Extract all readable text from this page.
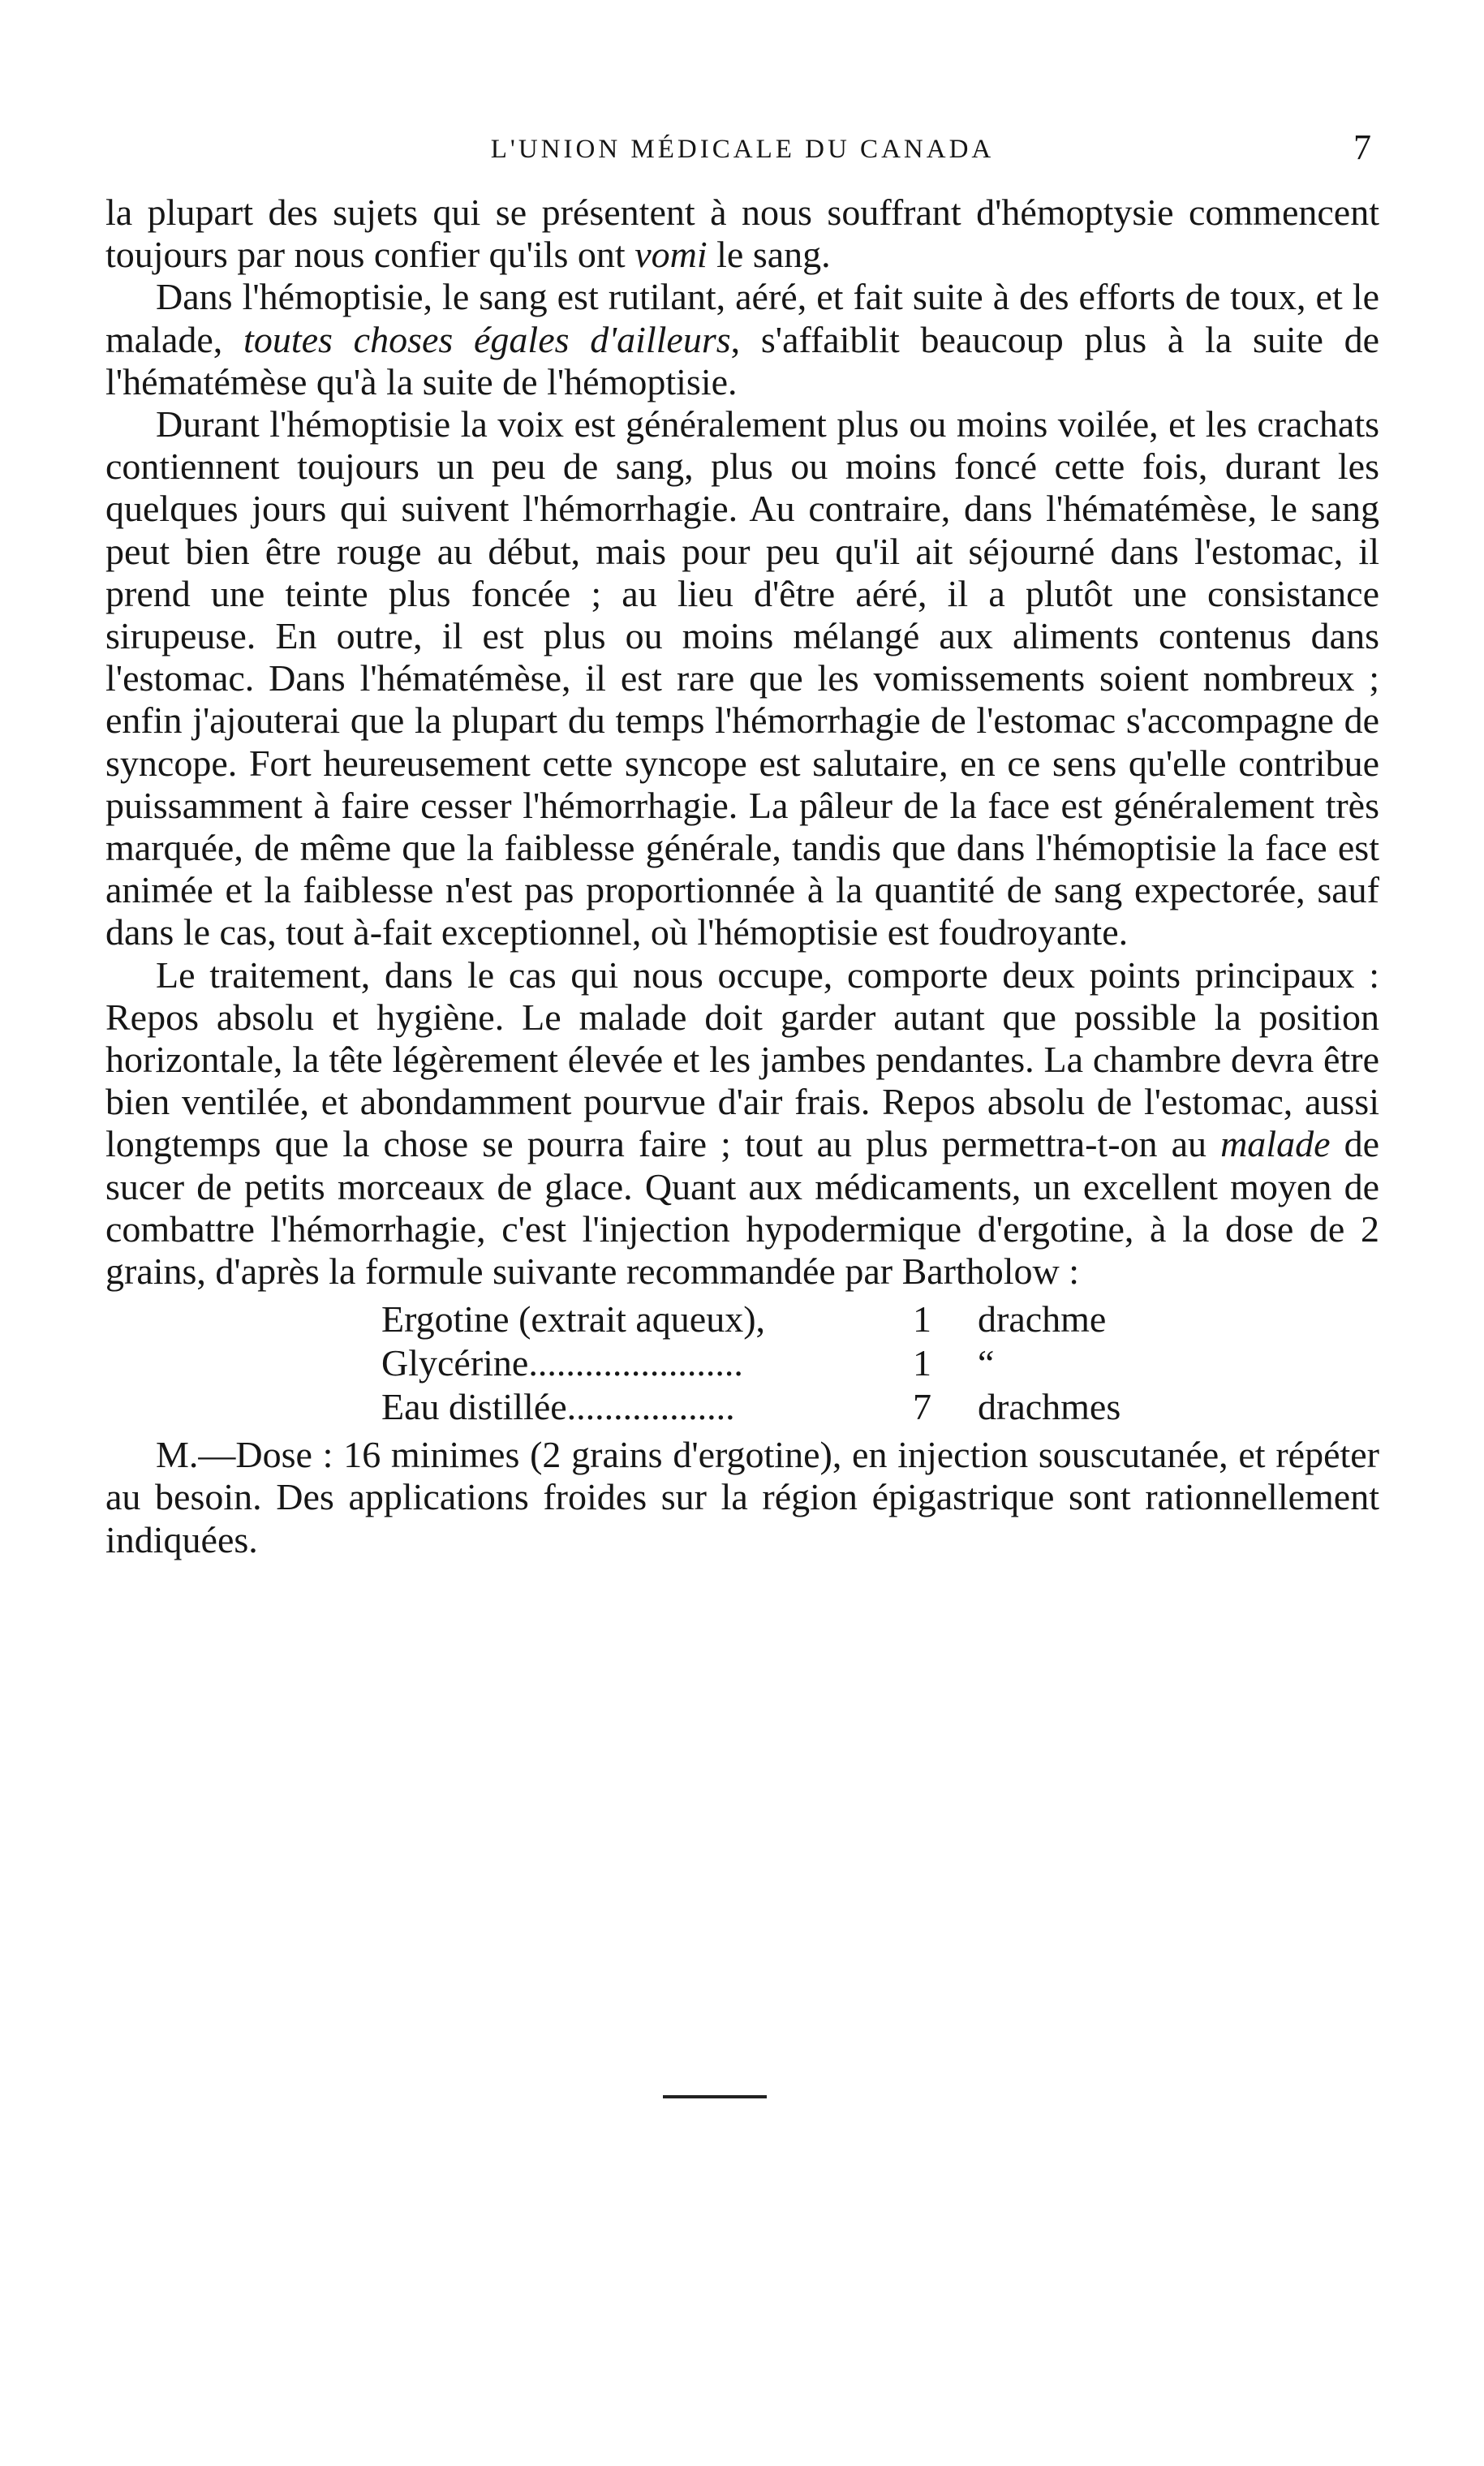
L'UNION MÉDICALE DU CANADA	7

la plupart des sujets qui se présentent à nous souffrant d'hémoptysie commencent toujours par nous confier qu'ils ont vomi le sang.

Dans l'hémoptisie, le sang est rutilant, aéré, et fait suite à des efforts de toux, et le malade, toutes choses égales d'ailleurs, s'affaiblit beaucoup plus à la suite de l'hématémèse qu'à la suite de l'hémoptisie.

Durant l'hémoptisie la voix est généralement plus ou moins voilée, et les crachats contiennent toujours un peu de sang, plus ou moins foncé cette fois, durant les quelques jours qui suivent l'hémorrhagie. Au contraire, dans l'hématémèse, le sang peut bien être rouge au début, mais pour peu qu'il ait séjourné dans l'estomac, il prend une teinte plus foncée ; au lieu d'être aéré, il a plutôt une consistance sirupeuse. En outre, il est plus ou moins mélangé aux aliments contenus dans l'estomac. Dans l'hématémèse, il est rare que les vomissements soient nombreux ; enfin j'ajouterai que la plupart du temps l'hémorrhagie de l'estomac s'accompagne de syncope. Fort heureusement cette syncope est salutaire, en ce sens qu'elle contribue puissamment à faire cesser l'hémorrhagie. La pâleur de la face est généralement très marquée, de même que la faiblesse générale, tandis que dans l'hémoptisie la face est animée et la faiblesse n'est pas proportionnée à la quantité de sang expectorée, sauf dans le cas, tout à-fait exceptionnel, où l'hémoptisie est foudroyante.

Le traitement, dans le cas qui nous occupe, comporte deux points principaux : Repos absolu et hygiène. Le malade doit garder autant que possible la position horizontale, la tête légèrement élevée et les jambes pendantes. La chambre devra être bien ventilée, et abondamment pourvue d'air frais. Repos absolu de l'estomac, aussi longtemps que la chose se pourra faire ; tout au plus permettra-t-on au malade de sucer de petits morceaux de glace. Quant aux médicaments, un excellent moyen de combattre l'hémorrhagie, c'est l'injection hypodermique d'ergotine, à la dose de 2 grains, d'après la formule suivante recommandée par Bartholow :

Ergotine (extrait aqueux),	1 drachme
Glycérine.......................	1 “
Eau distillée..................	7 drachmes

M.—Dose : 16 minimes (2 grains d'ergotine), en injection souscutanée, et répéter au besoin. Des applications froides sur la région épigastrique sont rationnellement indiquées.
